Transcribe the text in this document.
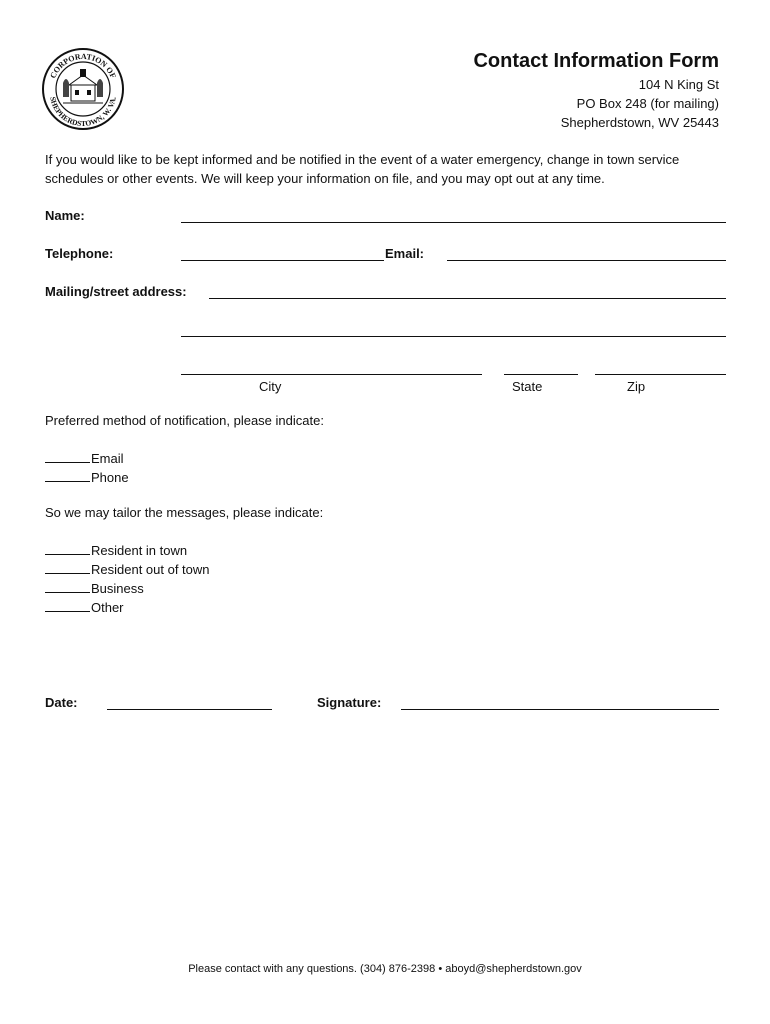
CORPORATION OF
SHEPHERDSTOWN, W. VA.
Contact Information Form
104 N King St
PO Box 248 (for mailing)
Shepherdstown, WV 25443
If you would like to be kept informed and be notified in the event of a water emergency, change in town service schedules or other events. We will keep your information on file, and you may opt out at any time.
Name:
Telephone:	Email:
Mailing/street address:
City	State	Zip
Preferred method of notification, please indicate:
Email
Phone
So we may tailor the messages, please indicate:
Resident in town
Resident out of town
Business
Other
Date:	Signature:
Please contact with any questions. (304) 876-2398 • aboyd@shepherdstown.gov
